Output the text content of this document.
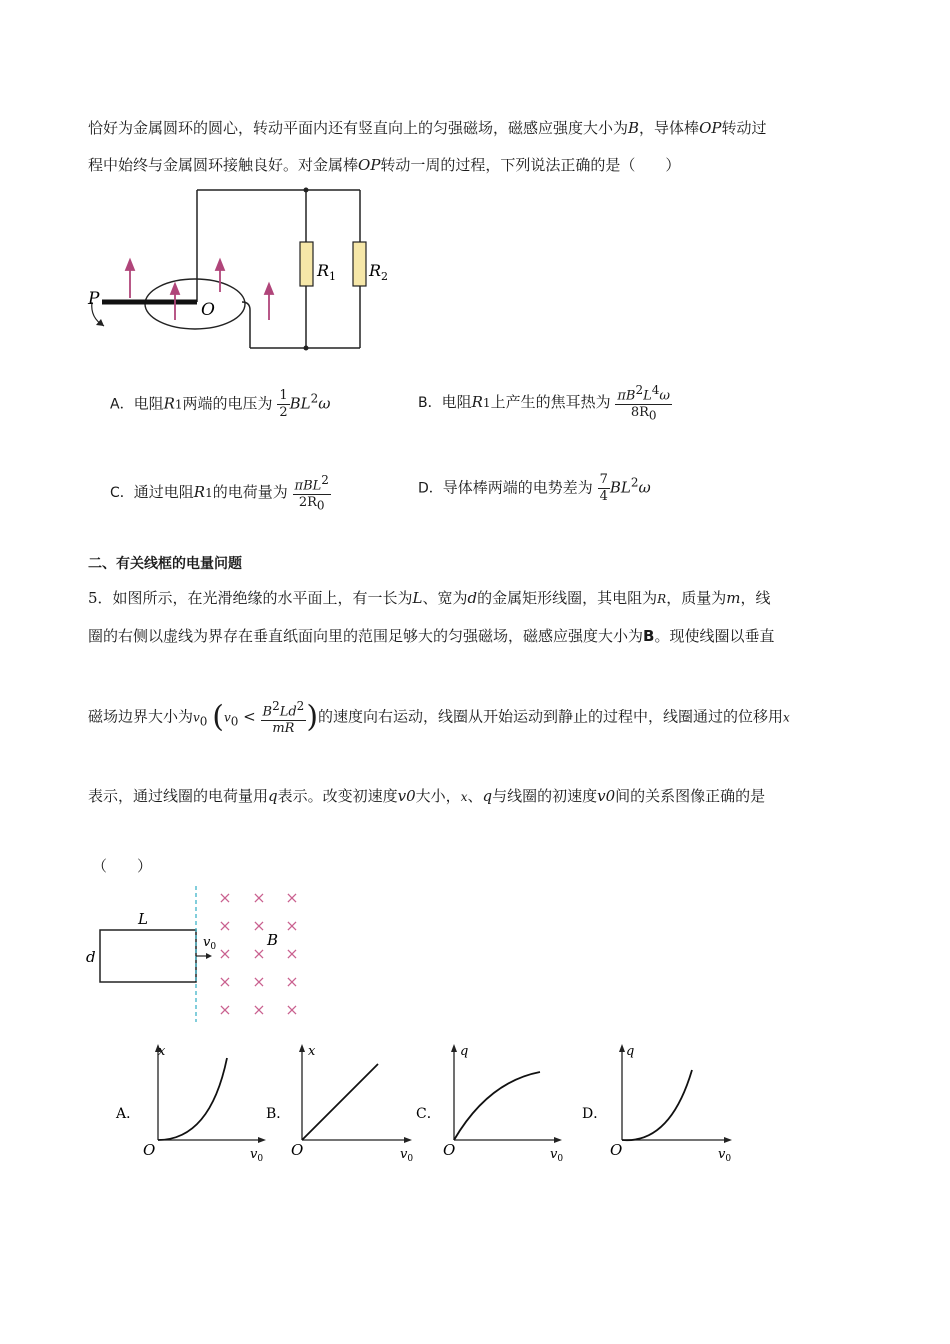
恰好为金属圆环的圆心，转动平面内还有竖直向上的匀强磁场，磁感应强度大小为B，导体棒OP转动过
程中始终与金属圆环接触良好。对金属棒OP转动一周的过程，下列说法正确的是（　　）
P
O
$R_1$ $R_2$
A．电阻R1两端的电压为 $\frac{1}{2} BL^2\omega$	B．电阻R1上产生的焦耳热为 $\frac{\pi B^2L^4\omega}{8R_0}$
C．通过电阻R1的电荷量为 $\frac{\pi BL^2}{2R_0}$	D．导体棒两端的电势差为 $\frac{7}{4} BL^2\omega$
二、有关线框的电量问题
5．如图所示，在光滑绝缘的水平面上，有一长为L、宽为d的金属矩形线圈，其电阻为R，质量为m，线
圈的右侧以虚线为界存在垂直纸面向里的范围足够大的匀强磁场，磁感应强度大小为B。现使线圈以垂直
磁场边界大小为$v_0$ ($v_0 < \frac{B^2Ld^2}{mR}$ )的速度向右运动，线圈从开始运动到静止的过程中，线圈通过的位移用x
表示，通过线圈的电荷量用q表示。改变初速度v0大小，x、q与线圈的初速度v0间的关系图像正确的是
（　　）
L
d
$v_0$	B
× × ×
× × ×
× × ×
× × ×
× × ×
A．
x
O	$v_0$
B．
x
O	$v_0$
C．
q
O	$v_0$
D．
q
O	$v_0$
